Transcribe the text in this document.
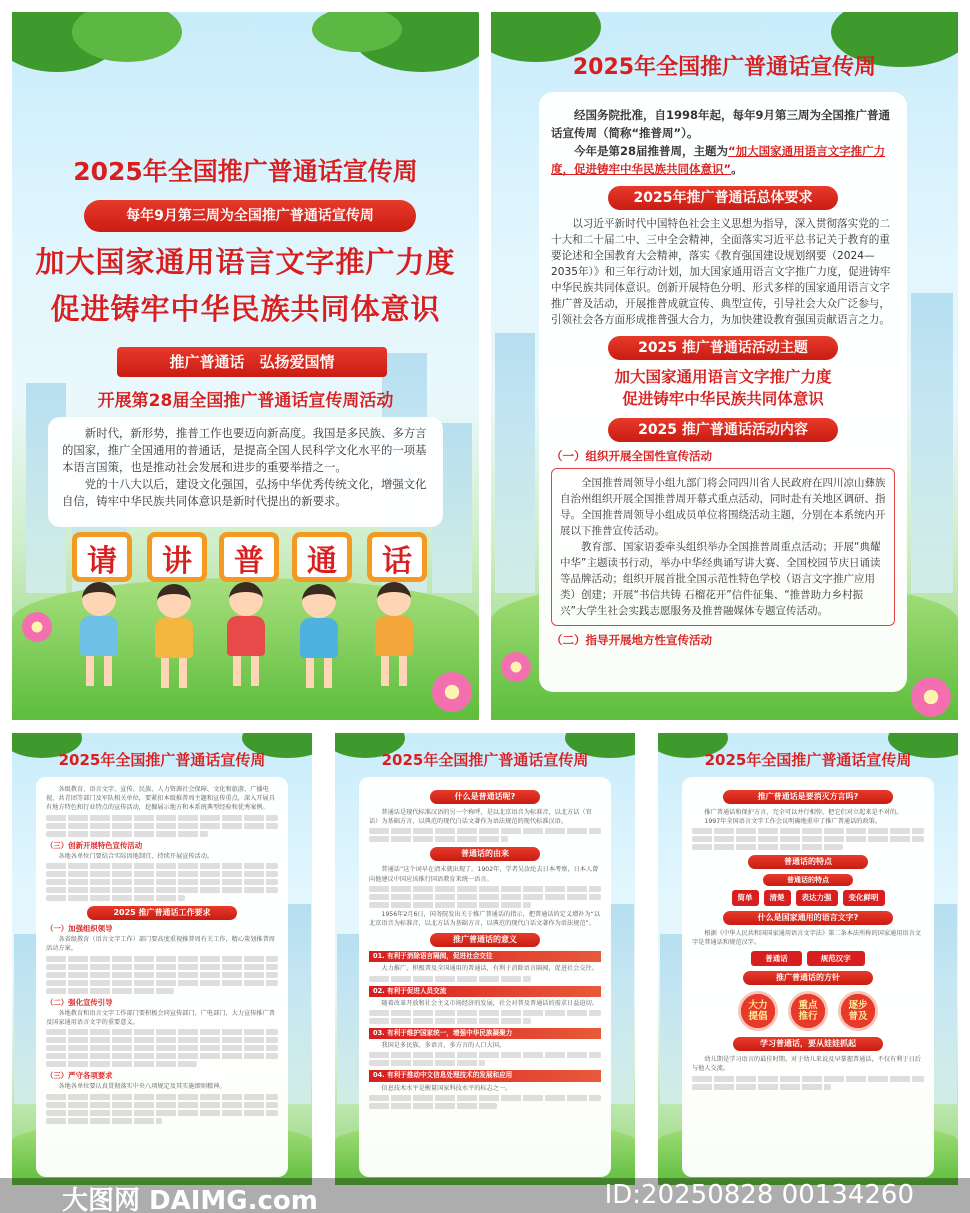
2025年全国推广普通话宣传周
每年9月第三周为全国推广普通话宣传周
加大国家通用语言文字推广力度
促进铸牢中华民族共同体意识
推广普通话　弘扬爱国情
开展第28届全国推广普通话宣传周活动

新时代，新形势，推普工作也要迈向新高度。我国是多民族、多方言的国家，推广全国通用的普通话，是提高全国人民科学文化水平的一项基本语言国策，也是推动社会发展和进步的重要举措之一。

党的十八大以后，建设文化强国，弘扬中华优秀传统文化，增强文化自信，铸牢中华民族共同体意识是新时代提出的新要求。

请	讲	普	通	话
2025年全国推广普通话宣传周

经国务院批准，自1998年起，每年9月第三周为全国推广普通话宣传周（简称“推普周”）。

今年是第28届推普周，主题为“加大国家通用语言文字推广力度，促进铸牢中华民族共同体意识”。

2025年推广普通话总体要求

以习近平新时代中国特色社会主义思想为指导，深入贯彻落实党的二十大和二十届二中、三中全会精神，全面落实习近平总书记关于教育的重要论述和全国教育大会精神，落实《教育强国建设规划纲要（2024—2035年）》和三年行动计划，加大国家通用语言文字推广力度，促进铸牢中华民族共同体意识。创新开展特色分明、形式多样的国家通用语言文字推广普及活动，开展推普成就宣传、典型宣传，引导社会大众广泛参与，引领社会各方面形成推普强大合力，为加快建设教育强国贡献语言之力。

2025 推广普通话活动主题
加大国家通用语言文字推广力度
促进铸牢中华民族共同体意识
2025 推广普通话活动内容
（一）组织开展全国性宣传活动

全国推普周领导小组九部门将会同四川省人民政府在四川凉山彝族自治州组织开展全国推普周开幕式重点活动，同时赴有关地区调研、指导。全国推普周领导小组成员单位将围绕活动主题，分别在本系统内开展以下推普宣传活动。

教育部、国家语委牵头组织举办全国推普周重点活动；开展“典耀中华”主题读书行动，举办中华经典诵写讲大赛、全国校园节庆日诵读等品牌活动；组织开展首批全国示范性特色学校（语言文字推广应用类）创建；开展“书信共铸 石榴花开”信件征集、“推普助力乡村振兴”大学生社会实践志愿服务及推普融媒体专题宣传活动。

（二）指导开展地方性宣传活动
2025年全国推广普通话宣传周

各级教育、语言文字、宣传、民族、人力资源社会保障、文化和旅游、广播电视、共青团等部门及军队相关单位，要紧扣本级推普周主题和宣传重点，深入开展具有地方特色和行业特点的宣传活动，挖掘展示地方和本系统典型经验和优秀案例。

（三）创新开展特色宣传活动

各地各单位门要结合实际因地制宜，持续开展宣传活动。

2025 推广普通话工作要求
（一）加强组织领导

各省级教育（语言文字工作）部门要高度重视推普周有关工作，精心策划推普周活动方案。

（二）强化宣传引导

各地教育和语言文字工作部门要积极会同宣传部门、广电部门，大力宣传推广普及国家通用语言文字的重要意义。

（三）严守各项要求

各地各单位要认真贯彻落实中央八项规定及其实施细则精神。

2025年全国推广普通话宣传周
什么是普通话呢?

普通话是现代标准汉语的另一个称呼，是以北京语音为标准音，以北方话（官话）为基础方言，以典范的现代白话文著作为语法规范的现代标准汉语。

普通话的由来

普通话”这个词早在清末就出现了。1902年，学者吴汝纶去日本考察，日本人曾向他建议中国应该推行国语教育来统一语言。

1956年2月6日，国务院发出关于推广普通话的指示，把普通话的定义增补为“以北京语音为标准音，以北方话为基础方言，以典范的现代白话文著作为语法规范”。

推广普通话的意义
01. 有利于消除语言隔阂，促进社会交往

大力推广、积极普及全国通用的普通话，有利于消除语言隔阂，促进社会交往。

02. 有利于促进人员交流

随着改革开放和社会主义市场经济的发展，社会对普及普通话的需求日益迫切。

03. 有利于维护国家统一，增强中华民族凝聚力

我国是多民族、多语言、多方言的人口大国。

04. 有利于推动中文信息处理技术的发展和应用

信息技术水平是衡量国家科技水平的标志之一。

2025年全国推广普通话宣传周
推广普通话是要消灭方言吗?

推广普通话和保护方言，完全可以并行相悖，把它们对立起来是不对的。

1997年全国语言文字工作会议明确地重申了推广普通话的政策。

普通话的特点
普通话的特点
简单	清楚	表达力强	变化鲜明
什么是国家通用的语言文字?

根据《中华人民共和国国家通用语言文字法》第二条本法所称的国家通用语言文字是普通话和规范汉字。

普通话	规范汉字
推广普通话的方针
大力
提倡
重点
推行
逐步
普及
学习普通话，要从娃娃抓起

幼儿期是学习语言的最佳时期。对于幼儿来说及早掌握普通话，不仅有利于日后与他人交流。

大图网 DAIMG.com	ID:20250828 00134260
